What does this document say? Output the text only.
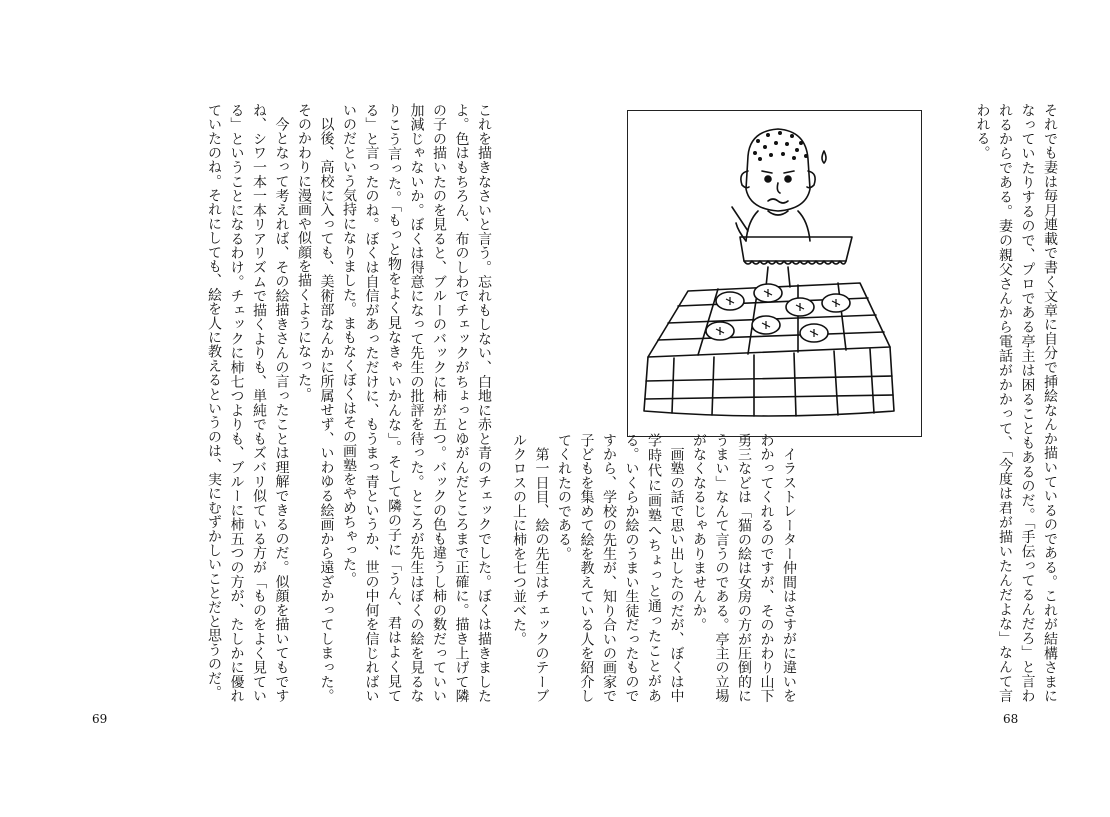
これを描きなさいと言う。忘れもしない、白地に赤と青のチェックでした。ぼくは描きましたよ。色はもちろん、布のしわでチェックがちょっとゆがんだところまで正確に。描き上げて隣の子の描いたのを見ると、ブルーのバックに柿が五つ。バックの色も違うし柿の数だっていい加減じゃないか。ぼくは得意になって先生の批評を待った。ところが先生はぼくの絵を見るなりこう言った。「もっと物をよく見なきゃいかんな」。そして隣の子に「うん、君はよく見てる」と言ったのね。ぼくは自信があっただけに、もうまっ青というか、世の中何を信じればいいのだという気持になりました。まもなくぼくはその画塾をやめちゃった。

以後、高校に入っても、美術部なんかに所属せず、いわゆる絵画から遠ざかってしまった。そのかわりに漫画や似顔を描くようになった。

今となって考えれば、その絵描きさんの言ったことは理解できるのだ。似顔を描いてもですね、シワ一本一本リアリズムで描くよりも、単純でもズバリ似ている方が「ものをよく見ている」ということになるわけ。チェックに柿七つよりも、ブルーに柿五つの方が、たしかに優れていたのね。それにしても、絵を人に教えるというのは、実にむずかしいことだと思うのだ。

69

それでも妻は毎月連載で書く文章に自分で挿絵なんか描いているのである。これが結構さまになっていたりするので、プロである亭主は困ることもあるのだ。「手伝ってるんだろ」と言われるからである。妻の親父さんから電話がかかって、「今度は君が描いたんだよな」なんて言われる。

イラストレーター仲間はさすがに違いをわかってくれるのですが、そのかわり山下勇三などは「猫の絵は女房の方が圧倒的にうまい」なんて言うのである。亭主の立場がなくなるじゃありませんか。

画塾の話で思い出したのだが、ぼくは中学時代に画塾へちょっと通ったことがある。いくらか絵のうまい生徒だったものですから、学校の先生が、知り合いの画家で子どもを集めて絵を教えている人を紹介してくれたのである。

第一日目、絵の先生はチェックのテーブルクロスの上に柿を七つ並べた。

68
